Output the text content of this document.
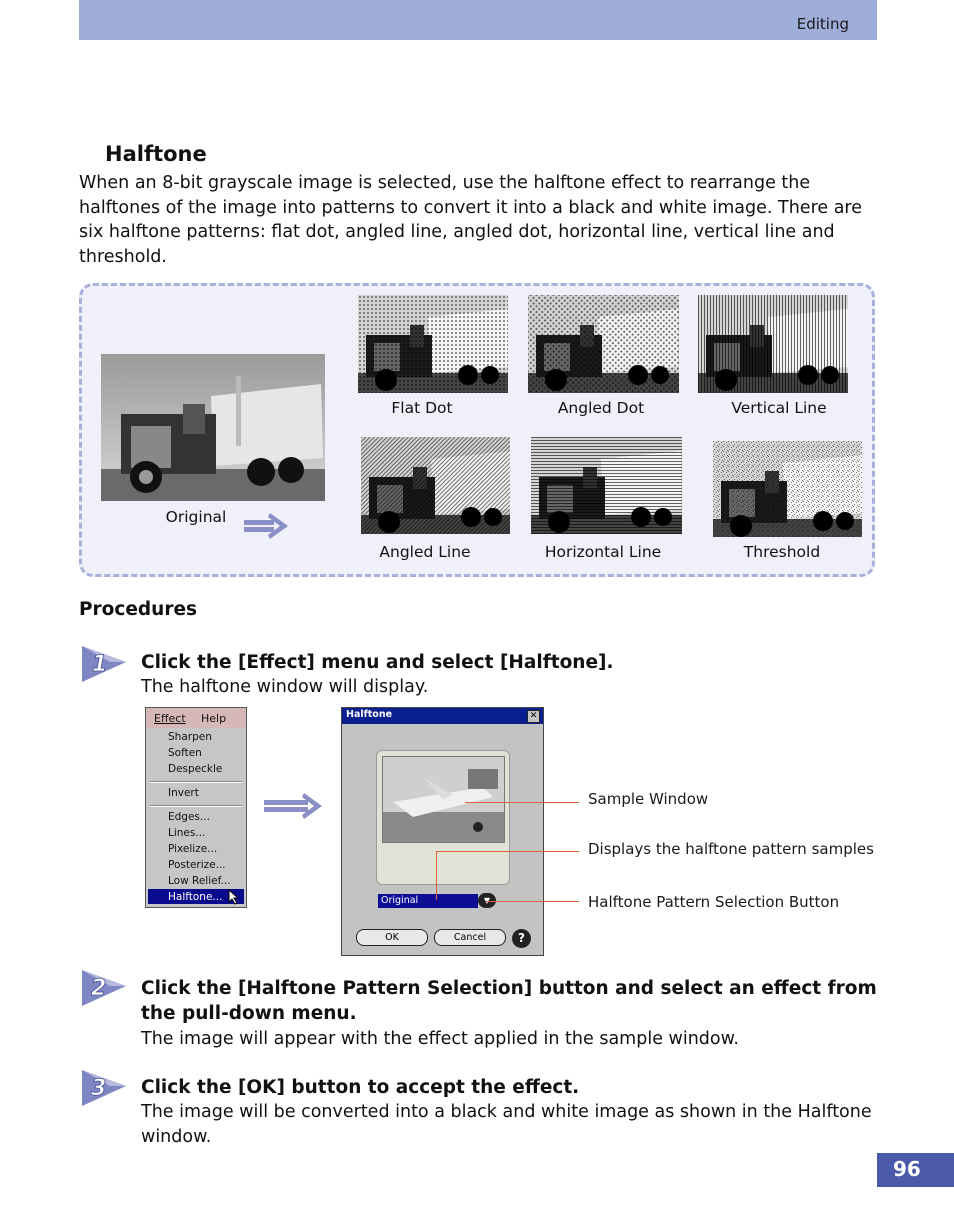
Editing
Halftone
When an 8-bit grayscale image is selected, use the halftone effect to rearrange the halftones of the image into patterns to convert it into a black and white image. There are six halftone patterns: flat dot, angled line, angled dot, horizontal line, vertical line and threshold.
Original
Flat Dot	Angled Dot	Vertical Line
Angled Line	Horizontal Line	Threshold
Procedures
1 Click the [Effect] menu and select [Halftone].
The halftone window will display.
Effect Help
Sharpen
Soften
Despeckle
Invert
Edges...
Lines...
Pixelize...
Posterize...
Low Relief...
Halftone...
Halftone	✕
Original	▼
OK	Cancel	?
Sample Window
Displays the halftone pattern samples
Halftone Pattern Selection Button
2 Click the [Halftone Pattern Selection] button and select an effect from the pull-down menu.
The image will appear with the effect applied in the sample window.
3 Click the [OK] button to accept the effect.
The image will be converted into a black and white image as shown in the Halftone window.
96
